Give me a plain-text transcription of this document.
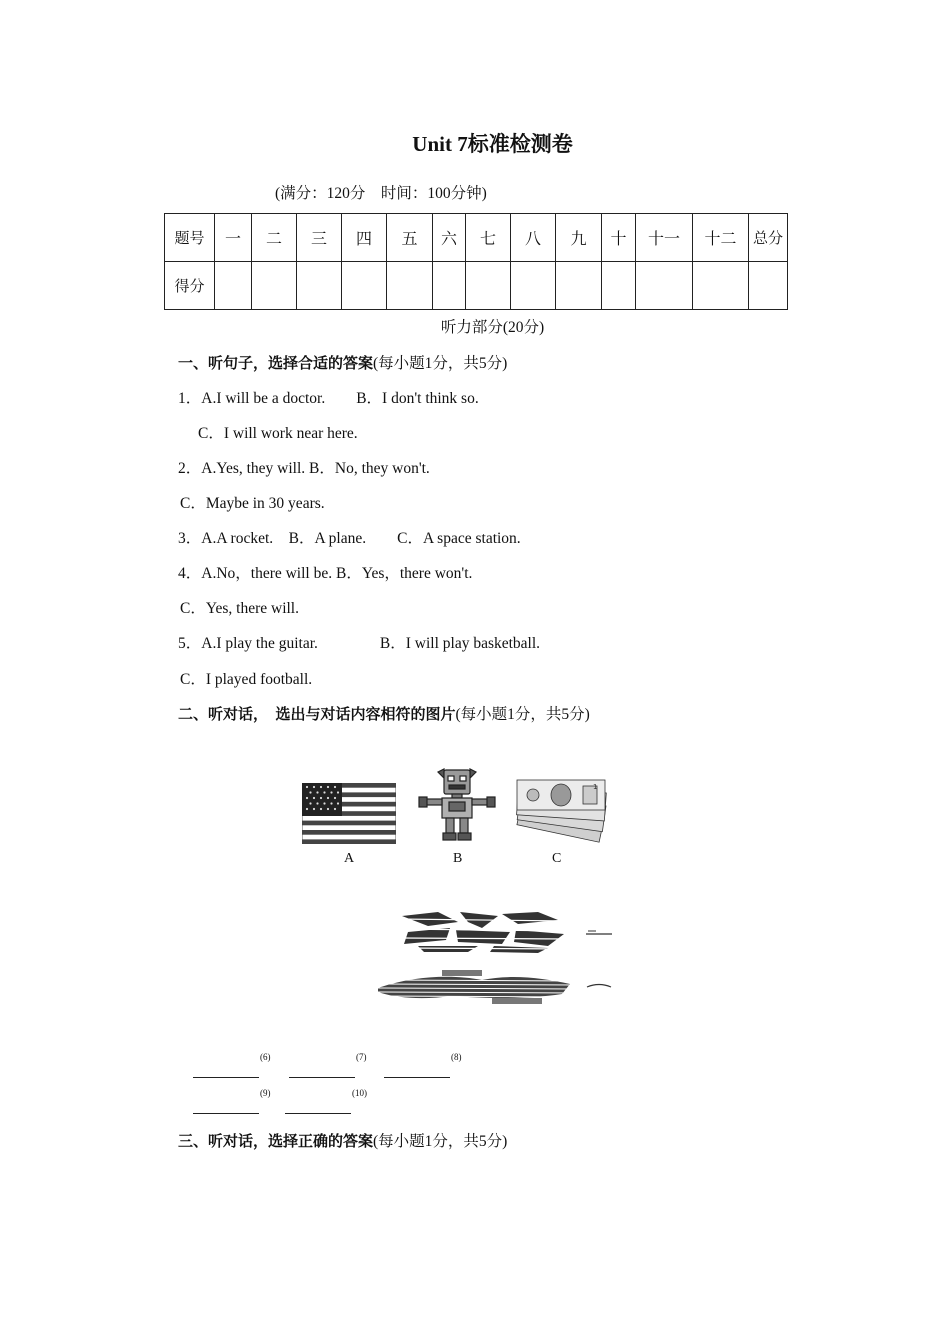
Unit 7标准检测卷
(满分：120分　时间：100分钟)
题号	一	二	三	四	五	六	七	八	九	十	十一	十二	总分
得分													
听力部分(20分)
一、听句子，选择合适的答案(每小题1分，共5分)
1．A.I will be a doctor.　　B．I don't think so.
C．I will work near here.
2．A.Yes, they will. B．No, they won't.
C．Maybe in 30 years.
3．A.A rocket.　B．A plane.　　C．A space station.
4．A.No，there will be. B．Yes，there won't.
C．Yes, there will.
5．A.I play the guitar.　　　　B．I will play basketball.
C．I played football.
二、听对话，　选出与对话内容相符的图片(每小题1分，共5分)
1
A	B	C
$^{(6)}$	$^{(7)}$	$^{(8)}$
$^{(9)}$	$^{(10)}$
三、听对话，选择正确的答案(每小题1分，共5分)
